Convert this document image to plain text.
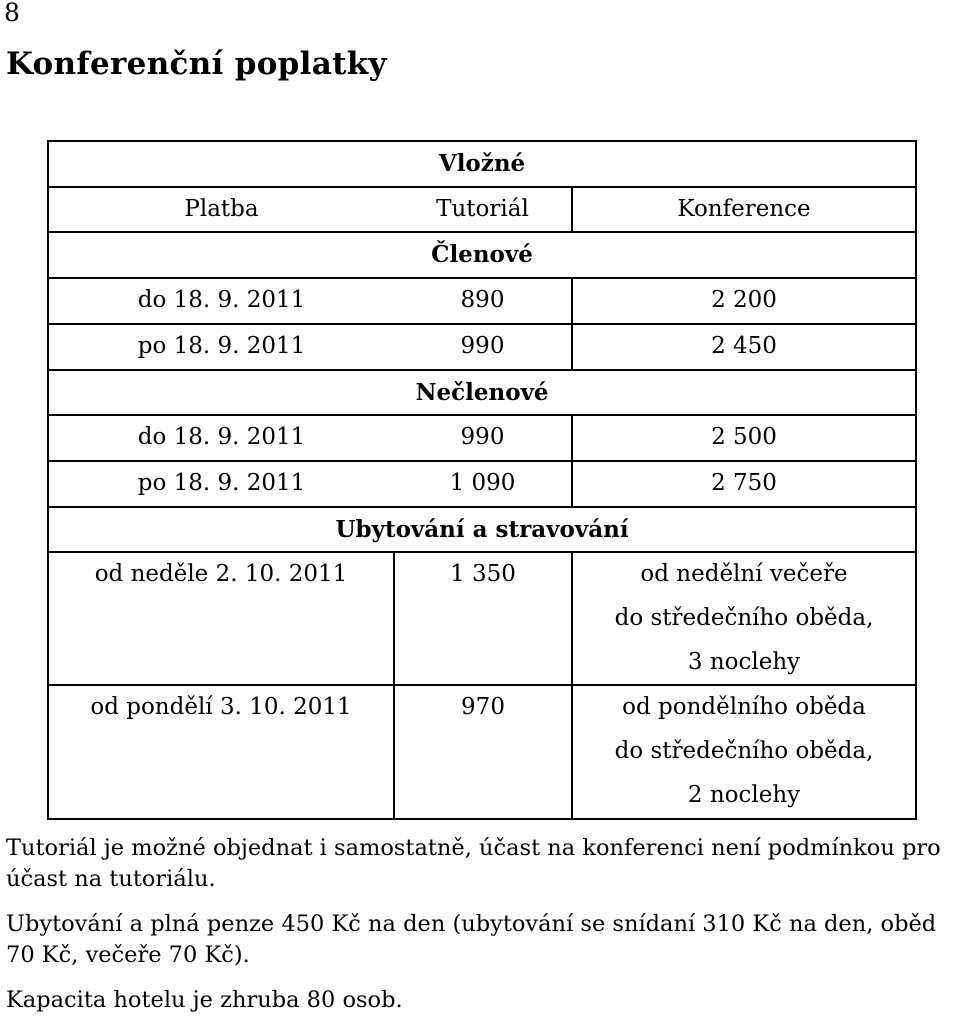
8
Konferenční poplatky
Vložné		
Platba	Tutoriál	Konference
Členové		
do 18. 9. 2011	890	2 200
po 18. 9. 2011	990	2 450
Nečlenové		
do 18. 9. 2011	990	2 500
po 18. 9. 2011	1 090	2 750
Ubytování a stravování		
od neděle 2. 10. 2011	1 350	od nedělní večeře
		do středečního oběda,
		3 noclehy
od pondělí 3. 10. 2011	970	od pondělního oběda
		do středečního oběda,
		2 noclehy

Tutoriál je možné objednat i samostatně, účast na konferenci není podmínkou pro účast na tutoriálu.

Ubytování a plná penze 450 Kč na den (ubytování se snídaní 310 Kč na den, oběd 70 Kč, večeře 70 Kč).

Kapacita hotelu je zhruba 80 osob.
